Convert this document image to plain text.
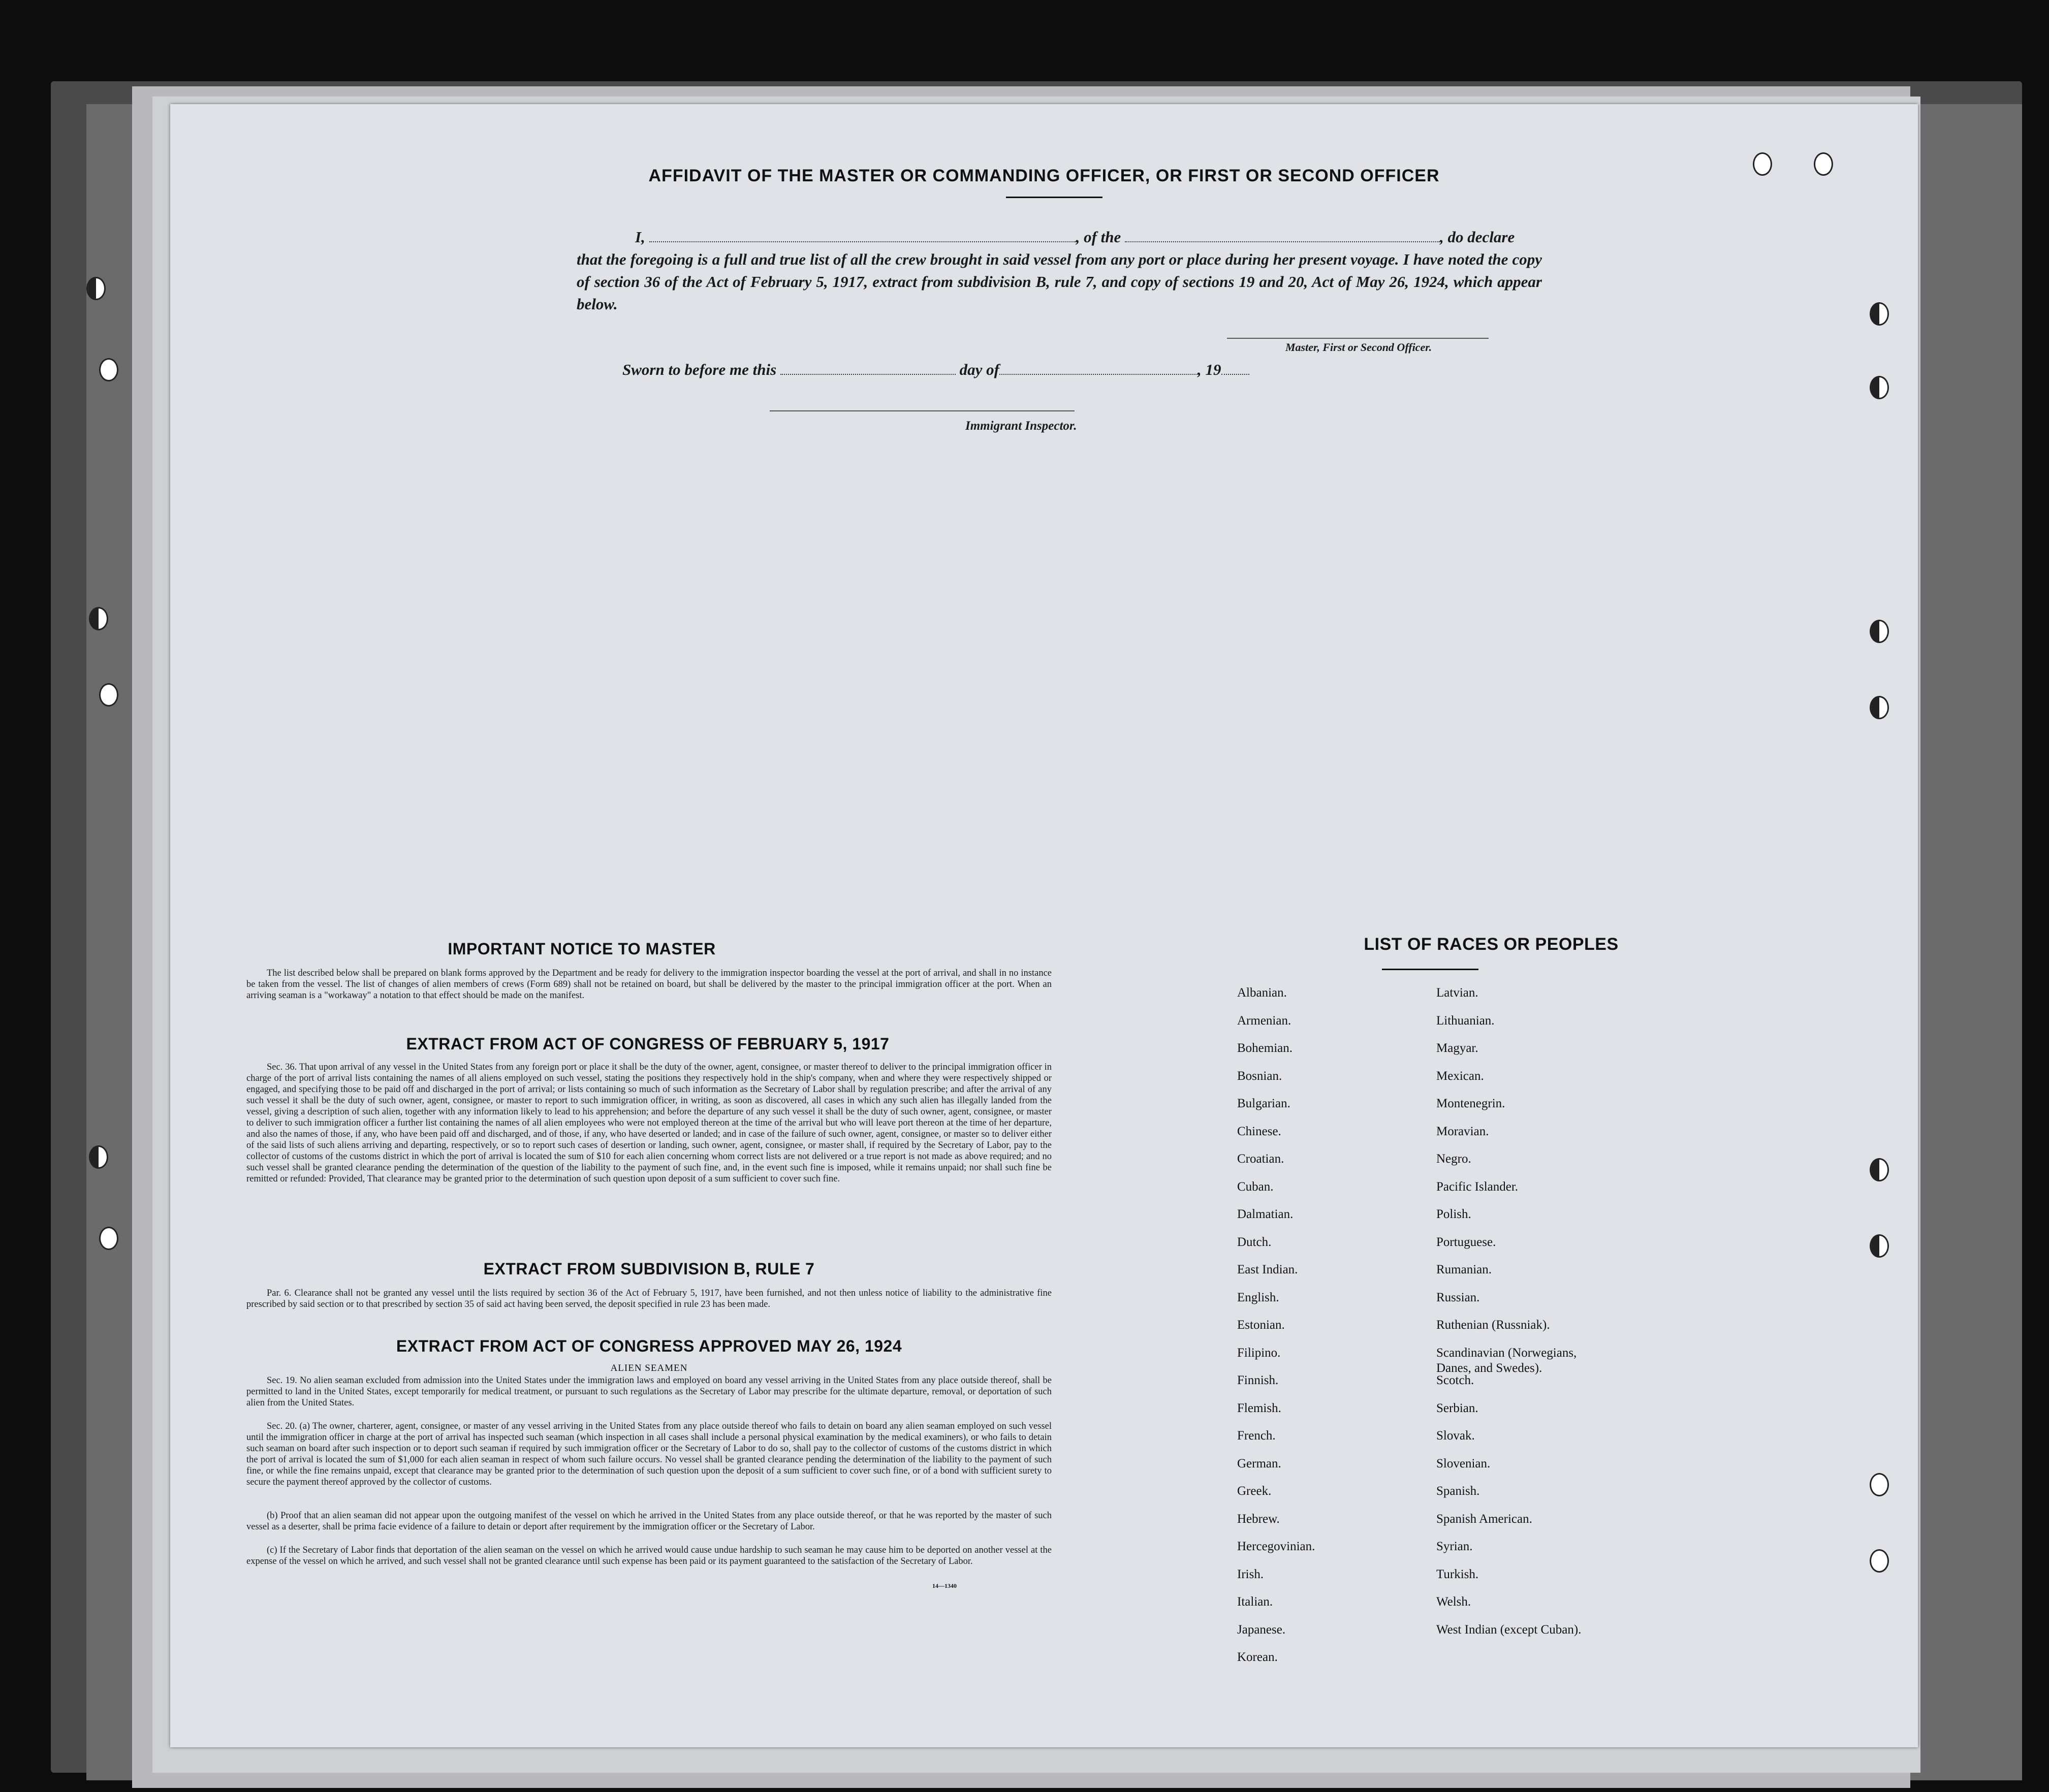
AFFIDAVIT OF THE MASTER OR COMMANDING OFFICER, OR FIRST OR SECOND OFFICER
I,	, of the	, do declare
that the foregoing is a full and true list of all the crew brought in said vessel from any port or place during her present voyage. I have noted the copy of section 36 of the Act of February 5, 1917, extract from subdivision B, rule 7, and copy of sections 19 and 20, Act of May 26, 1924, which appear below.
Master, First or Second Officer.
Sworn to before me this	day of	, 19
Immigrant Inspector.
IMPORTANT NOTICE TO MASTER
The list described below shall be prepared on blank forms approved by the Department and be ready for delivery to the immigration inspector boarding the vessel at the port of arrival, and shall in no instance be taken from the vessel. The list of changes of alien members of crews (Form 689) shall not be retained on board, but shall be delivered by the master to the principal immigration officer at the port. When an arriving seaman is a "workaway" a notation to that effect should be made on the manifest.
EXTRACT FROM ACT OF CONGRESS OF FEBRUARY 5, 1917
Sec. 36. That upon arrival of any vessel in the United States from any foreign port or place it shall be the duty of the owner, agent, consignee, or master thereof to deliver to the principal immigration officer in charge of the port of arrival lists containing the names of all aliens employed on such vessel, stating the positions they respectively hold in the ship's company, when and where they were respectively shipped or engaged, and specifying those to be paid off and discharged in the port of arrival; or lists containing so much of such information as the Secretary of Labor shall by regulation prescribe; and after the arrival of any such vessel it shall be the duty of such owner, agent, consignee, or master to report to such immigration officer, in writing, as soon as discovered, all cases in which any such alien has illegally landed from the vessel, giving a description of such alien, together with any information likely to lead to his apprehension; and before the departure of any such vessel it shall be the duty of such owner, agent, consignee, or master to deliver to such immigration officer a further list containing the names of all alien employees who were not employed thereon at the time of the arrival but who will leave port thereon at the time of her departure, and also the names of those, if any, who have been paid off and discharged, and of those, if any, who have deserted or landed; and in case of the failure of such owner, agent, consignee, or master so to deliver either of the said lists of such aliens arriving and departing, respectively, or so to report such cases of desertion or landing, such owner, agent, consignee, or master shall, if required by the Secretary of Labor, pay to the collector of customs of the customs district in which the port of arrival is located the sum of $10 for each alien concerning whom correct lists are not delivered or a true report is not made as above required; and no such vessel shall be granted clearance pending the determination of the question of the liability to the payment of such fine, and, in the event such fine is imposed, while it remains unpaid; nor shall such fine be remitted or refunded: Provided, That clearance may be granted prior to the determination of such question upon deposit of a sum sufficient to cover such fine.
EXTRACT FROM SUBDIVISION B, RULE 7
Par. 6. Clearance shall not be granted any vessel until the lists required by section 36 of the Act of February 5, 1917, have been furnished, and not then unless notice of liability to the administrative fine prescribed by said section or to that prescribed by section 35 of said act having been served, the deposit specified in rule 23 has been made.
EXTRACT FROM ACT OF CONGRESS APPROVED MAY 26, 1924
ALIEN SEAMEN
Sec. 19. No alien seaman excluded from admission into the United States under the immigration laws and employed on board any vessel arriving in the United States from any place outside thereof, shall be permitted to land in the United States, except temporarily for medical treatment, or pursuant to such regulations as the Secretary of Labor may prescribe for the ultimate departure, removal, or deportation of such alien from the United States.
Sec. 20. (a) The owner, charterer, agent, consignee, or master of any vessel arriving in the United States from any place outside thereof who fails to detain on board any alien seaman employed on such vessel until the immigration officer in charge at the port of arrival has inspected such seaman (which inspection in all cases shall include a personal physical examination by the medical examiners), or who fails to detain such seaman on board after such inspection or to deport such seaman if required by such immigration officer or the Secretary of Labor to do so, shall pay to the collector of customs of the customs district in which the port of arrival is located the sum of $1,000 for each alien seaman in respect of whom such failure occurs. No vessel shall be granted clearance pending the determination of the liability to the payment of such fine, or while the fine remains unpaid, except that clearance may be granted prior to the determination of such question upon the deposit of a sum sufficient to cover such fine, or of a bond with sufficient surety to secure the payment thereof approved by the collector of customs.
(b) Proof that an alien seaman did not appear upon the outgoing manifest of the vessel on which he arrived in the United States from any place outside thereof, or that he was reported by the master of such vessel as a deserter, shall be prima facie evidence of a failure to detain or deport after requirement by the immigration officer or the Secretary of Labor.
(c) If the Secretary of Labor finds that deportation of the alien seaman on the vessel on which he arrived would cause undue hardship to such seaman he may cause him to be deported on another vessel at the expense of the vessel on which he arrived, and such vessel shall not be granted clearance until such expense has been paid or its payment guaranteed to the satisfaction of the Secretary of Labor.
14—1340
LIST OF RACES OR PEOPLES
Albanian.
Armenian.
Bohemian.
Bosnian.
Bulgarian.
Chinese.
Croatian.
Cuban.
Dalmatian.
Dutch.
East Indian.
English.
Estonian.
Filipino.
Finnish.
Flemish.
French.
German.
Greek.
Hebrew.
Hercegovinian.
Irish.
Italian.
Japanese.
Korean.
Latvian.
Lithuanian.
Magyar.
Mexican.
Montenegrin.
Moravian.
Negro.
Pacific Islander.
Polish.
Portuguese.
Rumanian.
Russian.
Ruthenian (Russniak).
Scandinavian (Norwegians,
Danes, and Swedes).
Scotch.
Serbian.
Slovak.
Slovenian.
Spanish.
Spanish American.
Syrian.
Turkish.
Welsh.
West Indian (except Cuban).
